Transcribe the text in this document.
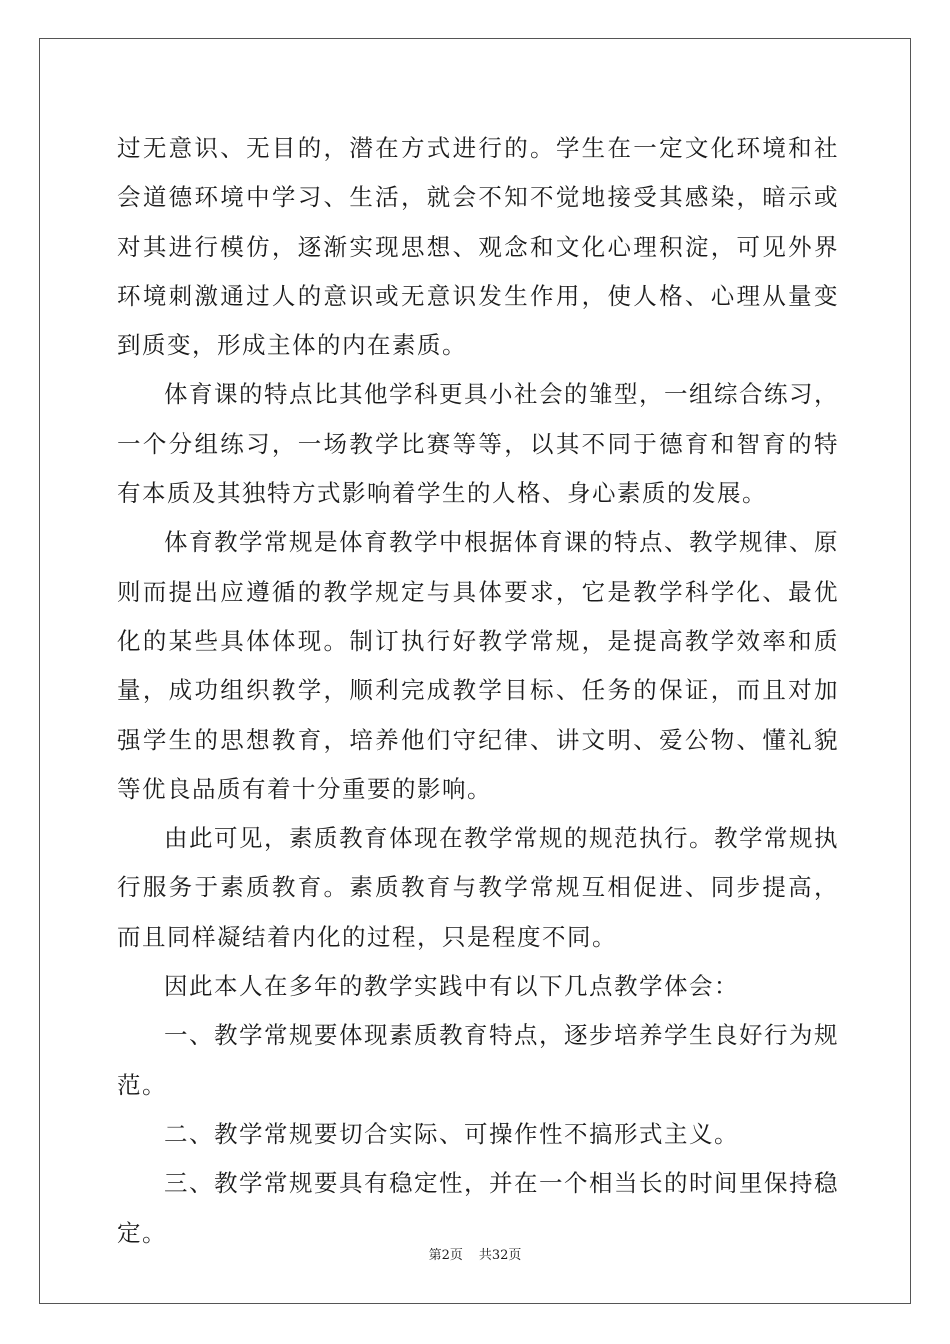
过无意识、无目的，潜在方式进行的。学生在一定文化环境和社会道德环境中学习、生活，就会不知不觉地接受其感染，暗示或对其进行模仿，逐渐实现思想、观念和文化心理积淀，可见外界环境刺激通过人的意识或无意识发生作用，使人格、心理从量变到质变，形成主体的内在素质。

体育课的特点比其他学科更具小社会的雏型，一组综合练习，一个分组练习，一场教学比赛等等，以其不同于德育和智育的特有本质及其独特方式影响着学生的人格、身心素质的发展。

体育教学常规是体育教学中根据体育课的特点、教学规律、原则而提出应遵循的教学规定与具体要求，它是教学科学化、最优化的某些具体体现。制订执行好教学常规，是提高教学效率和质量，成功组织教学，顺利完成教学目标、任务的保证，而且对加强学生的思想教育，培养他们守纪律、讲文明、爱公物、懂礼貌等优良品质有着十分重要的影响。

由此可见，素质教育体现在教学常规的规范执行。教学常规执行服务于素质教育。素质教育与教学常规互相促进、同步提高，而且同样凝结着内化的过程，只是程度不同。

因此本人在多年的教学实践中有以下几点教学体会：

一、教学常规要体现素质教育特点，逐步培养学生良好行为规范。

二、教学常规要切合实际、可操作性不搞形式主义。

三、教学常规要具有稳定性，并在一个相当长的时间里保持稳定。

第2页 共32页
